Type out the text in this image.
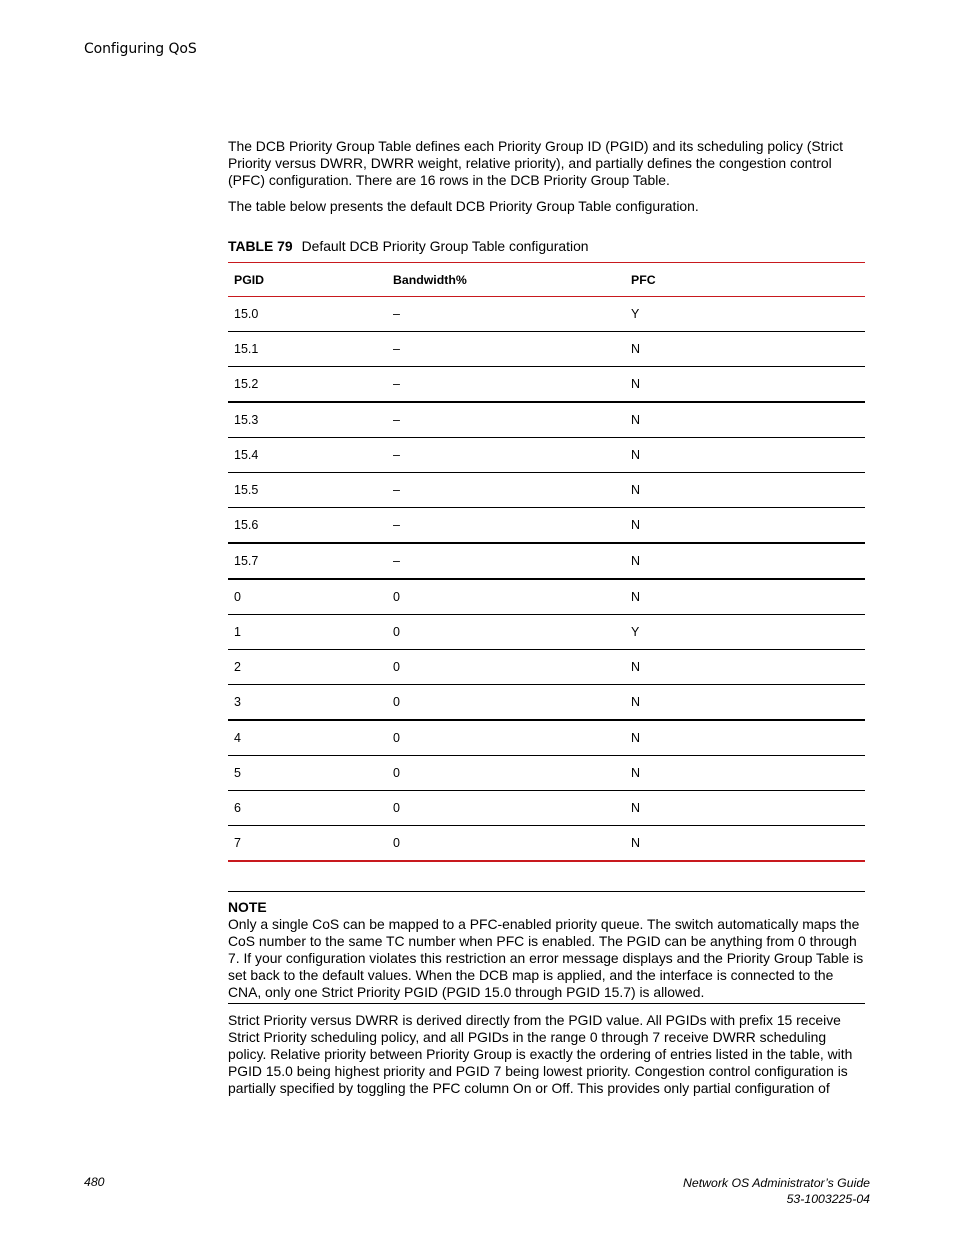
Configuring QoS

The DCB Priority Group Table defines each Priority Group ID (PGID) and its scheduling policy (Strict Priority versus DWRR, DWRR weight, relative priority), and partially defines the congestion control (PFC) configuration. There are 16 rows in the DCB Priority Group Table.

The table below presents the default DCB Priority Group Table configuration.

TABLE 79 Default DCB Priority Group Table configuration
PGID	Bandwidth%	PFC
15.0	–	Y
15.1	–	N
15.2	–	N
15.3	–	N
15.4	–	N
15.5	–	N
15.6	–	N
15.7	–	N
0	0	N
1	0	Y
2	0	N
3	0	N
4	0	N
5	0	N
6	0	N
7	0	N
NOTE

Only a single CoS can be mapped to a PFC-enabled priority queue. The switch automatically maps the CoS number to the same TC number when PFC is enabled. The PGID can be anything from 0 through 7. If your configuration violates this restriction an error message displays and the Priority Group Table is set back to the default values. When the DCB map is applied, and the interface is connected to the CNA, only one Strict Priority PGID (PGID 15.0 through PGID 15.7) is allowed.

Strict Priority versus DWRR is derived directly from the PGID value. All PGIDs with prefix 15 receive Strict Priority scheduling policy, and all PGIDs in the range 0 through 7 receive DWRR scheduling policy. Relative priority between Priority Group is exactly the ordering of entries listed in the table, with PGID 15.0 being highest priority and PGID 7 being lowest priority. Congestion control configuration is partially specified by toggling the PFC column On or Off. This provides only partial configuration of

480	Network OS Administrator’s Guide
53-1003225-04
